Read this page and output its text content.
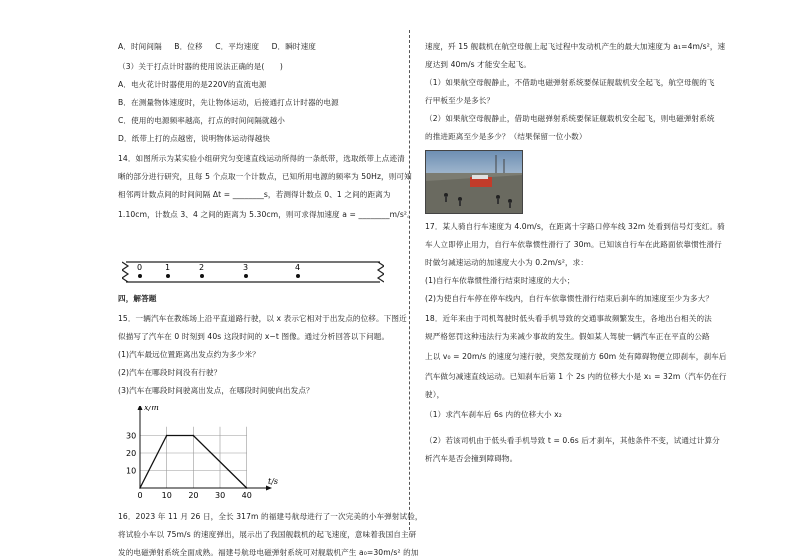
A．时间间隔 B．位移 C．平均速度 D．瞬时速度
（3）关于打点计时器的使用说法正确的是(　　)
A．电火花计时器使用的是220V的直流电源
B．在测量物体速度时，先让物体运动，后接通打点计时器的电源
C．使用的电源频率越高，打点的时间间隔就越小
D．纸带上打的点越密，说明物体运动得越快
14．如图所示为某实验小组研究匀变速直线运动所得的一条纸带，选取纸带上点迹清
晰的部分进行研究，且每 5 个点取一个计数点，已知所用电源的频率为 50Hz，则可知
相邻两计数点间的时间间隔 Δt = ________s，若测得计数点 0、1 之间的距离为
1.10cm，计数点 3、4 之间的距离为 5.30cm，则可求得加速度 a = ________m/s²。
0	1	2	3	4
四，解答题
15．一辆汽车在教练场上沿平直道路行驶，以 x 表示它相对于出发点的位移。下图近
似描写了汽车在 0 时刻到 40s 这段时间的 x−t 图像。通过分析回答以下问题。
(1)汽车最远位置距离出发点约为多少米？
(2)汽车在哪段时间没有行驶？
(3)汽车在哪段时间驶离出发点，在哪段时间驶向出发点？
0 10 20 30 40
10
20
30
t/s
x/m
16．2023 年 11 月 26 日，全长 317m 的福建号航母进行了一次完美的小车弹射试验，
将试验小车以 75m/s 的速度弹出，展示出了我国舰载机的起飞速度，意味着我国自主研
发的电磁弹射系统全面成熟。福建号航母电磁弹射系统可对舰载机产生 a₀=30m/s² 的加
速度，歼 15 舰载机在航空母舰上起飞过程中发动机产生的最大加速度为 a₁=4m/s²，速
度达到 40m/s 才能安全起飞。
（1）如果航空母舰静止，不借助电磁弹射系统要保证舰载机安全起飞，航空母舰的飞
行甲板至少是多长？
（2）如果航空母舰静止，借助电磁弹射系统要保证舰载机安全起飞，则电磁弹射系统
的推进距离至少是多少？（结果保留一位小数）
17．某人骑自行车速度为 4.0m/s，在距离十字路口停车线 32m 处看到信号灯变红。骑
车人立即停止用力，自行车依靠惯性滑行了 30m。已知该自行车在此路面依靠惯性滑行
时做匀减速运动的加速度大小为 0.2m/s²，求：
(1)自行车依靠惯性滑行结束时速度的大小；
(2)为使自行车停在停车线内，自行车依靠惯性滑行结束后刹车的加速度至少为多大？
18．近年来由于司机驾驶时低头看手机导致的交通事故频繁发生，各地出台相关的法
规严格惩罚这种违法行为来减少事故的发生。假如某人驾驶一辆汽车正在平直的公路
上以 v₀ = 20m/s 的速度匀速行驶，突然发现前方 60m 处有障碍物便立即刹车，刹车后
汽车做匀减速直线运动。已知刹车后第 1 个 2s 内的位移大小是 x₁ = 32m（汽车仍在行
驶），
（1）求汽车刹车后 6s 内的位移大小 x₂
（2）若该司机由于低头看手机导致 t = 0.6s 后才刹车，其他条件不变，试通过计算分
析汽车是否会撞到障碍物。
